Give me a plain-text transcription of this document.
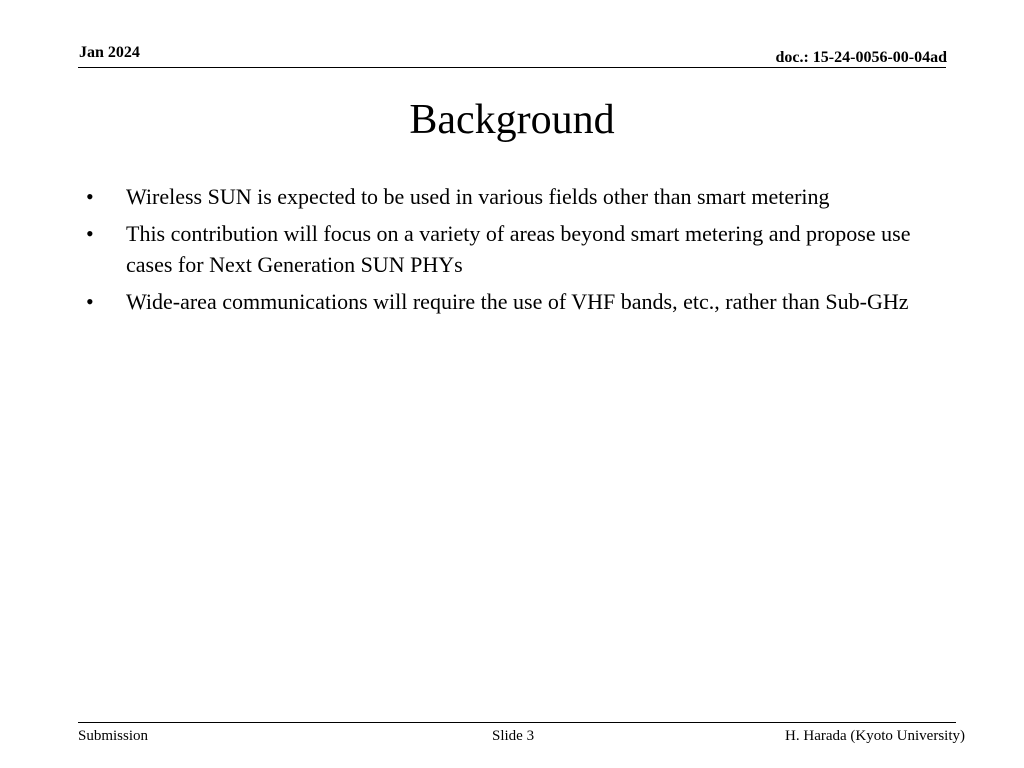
Jan 2024	doc.: 15-24-0056-00-04ad
Background
•	Wireless SUN is expected to be used in various fields other than smart metering
•	This contribution will focus on a variety of areas beyond smart metering and propose use cases for Next Generation SUN PHYs
•	Wide-area communications will require the use of VHF bands, etc., rather than Sub-GHz
Submission	Slide 3	H. Harada (Kyoto University)
